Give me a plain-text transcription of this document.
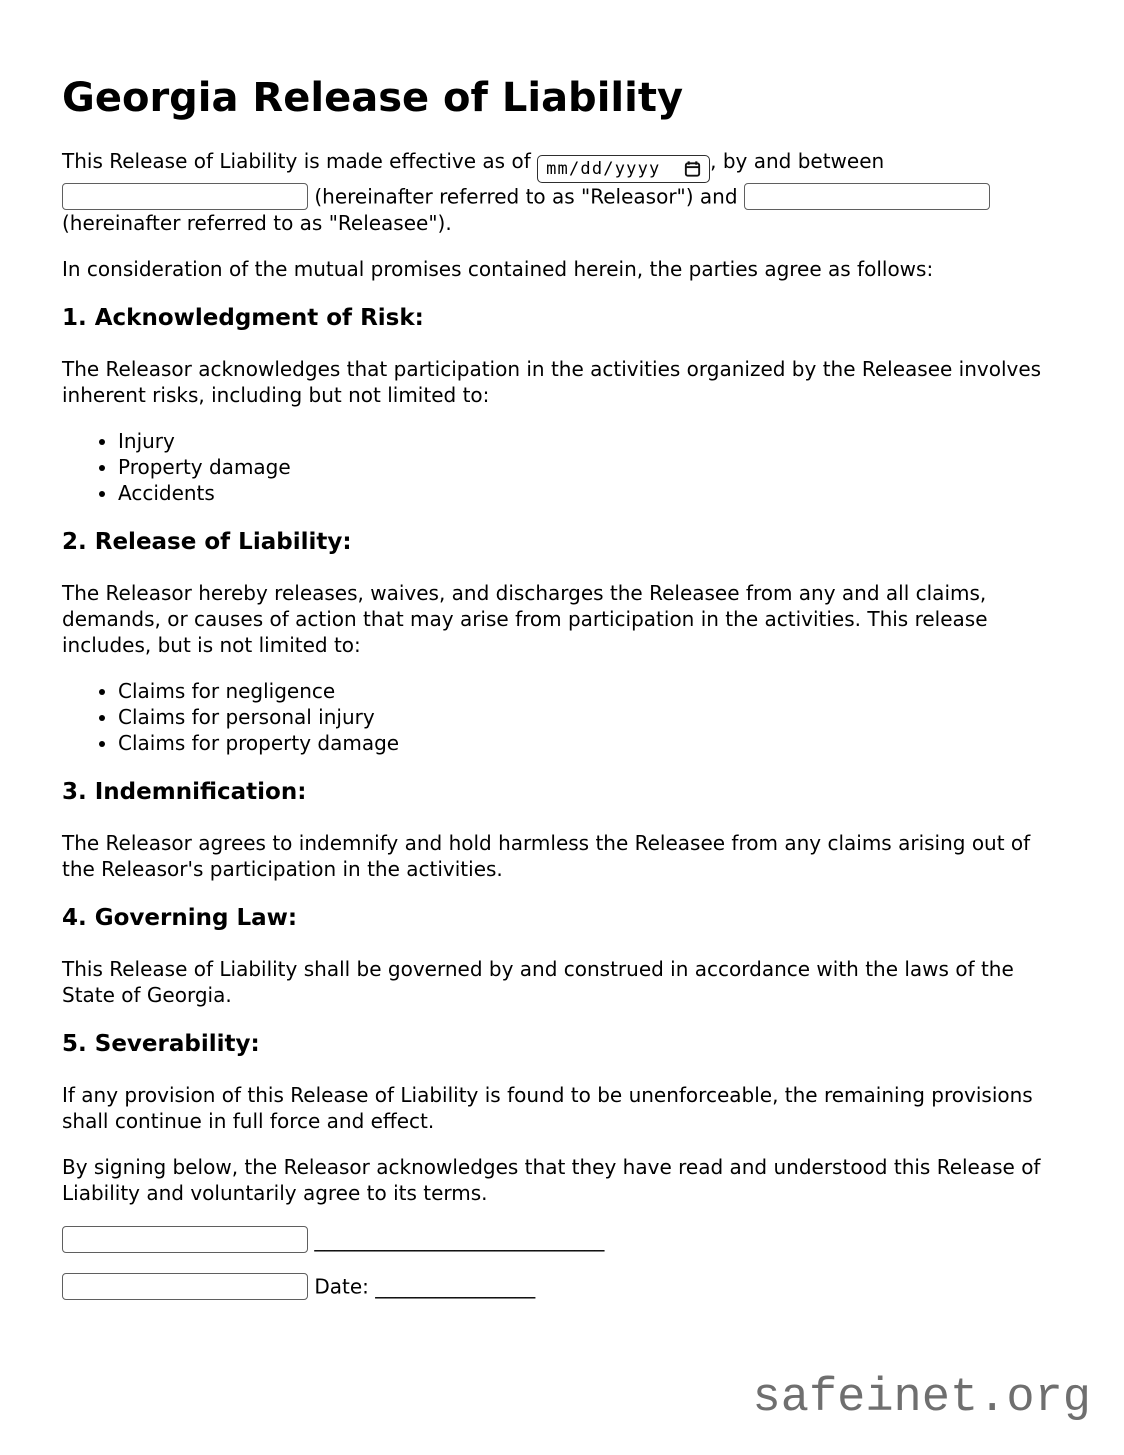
Georgia Release of Liability

This Release of Liability is made effective as of mm/dd/yyyy , by and between  (hereinafter referred to as "Releasor") and  (hereinafter referred to as "Releasee").

In consideration of the mutual promises contained herein, the parties agree as follows:

1. Acknowledgment of Risk:

The Releasor acknowledges that participation in the activities organized by the Releasee involves inherent risks, including but not limited to:

• Injury
• Property damage
• Accidents
2. Release of Liability:

The Releasor hereby releases, waives, and discharges the Releasee from any and all claims, demands, or causes of action that may arise from participation in the activities. This release includes, but is not limited to:

• Claims for negligence
• Claims for personal injury
• Claims for property damage
3. Indemnification:

The Releasor agrees to indemnify and hold harmless the Releasee from any claims arising out of the Releasor's participation in the activities.

4. Governing Law:

This Release of Liability shall be governed by and construed in accordance with the laws of the State of Georgia.

5. Severability:

If any provision of this Release of Liability is found to be unenforceable, the remaining provisions shall continue in full force and effect.

By signing below, the Releasor acknowledges that they have read and understood this Release of Liability and voluntarily agree to its terms.

_____________________________

Date: ________________

safeinet.org
